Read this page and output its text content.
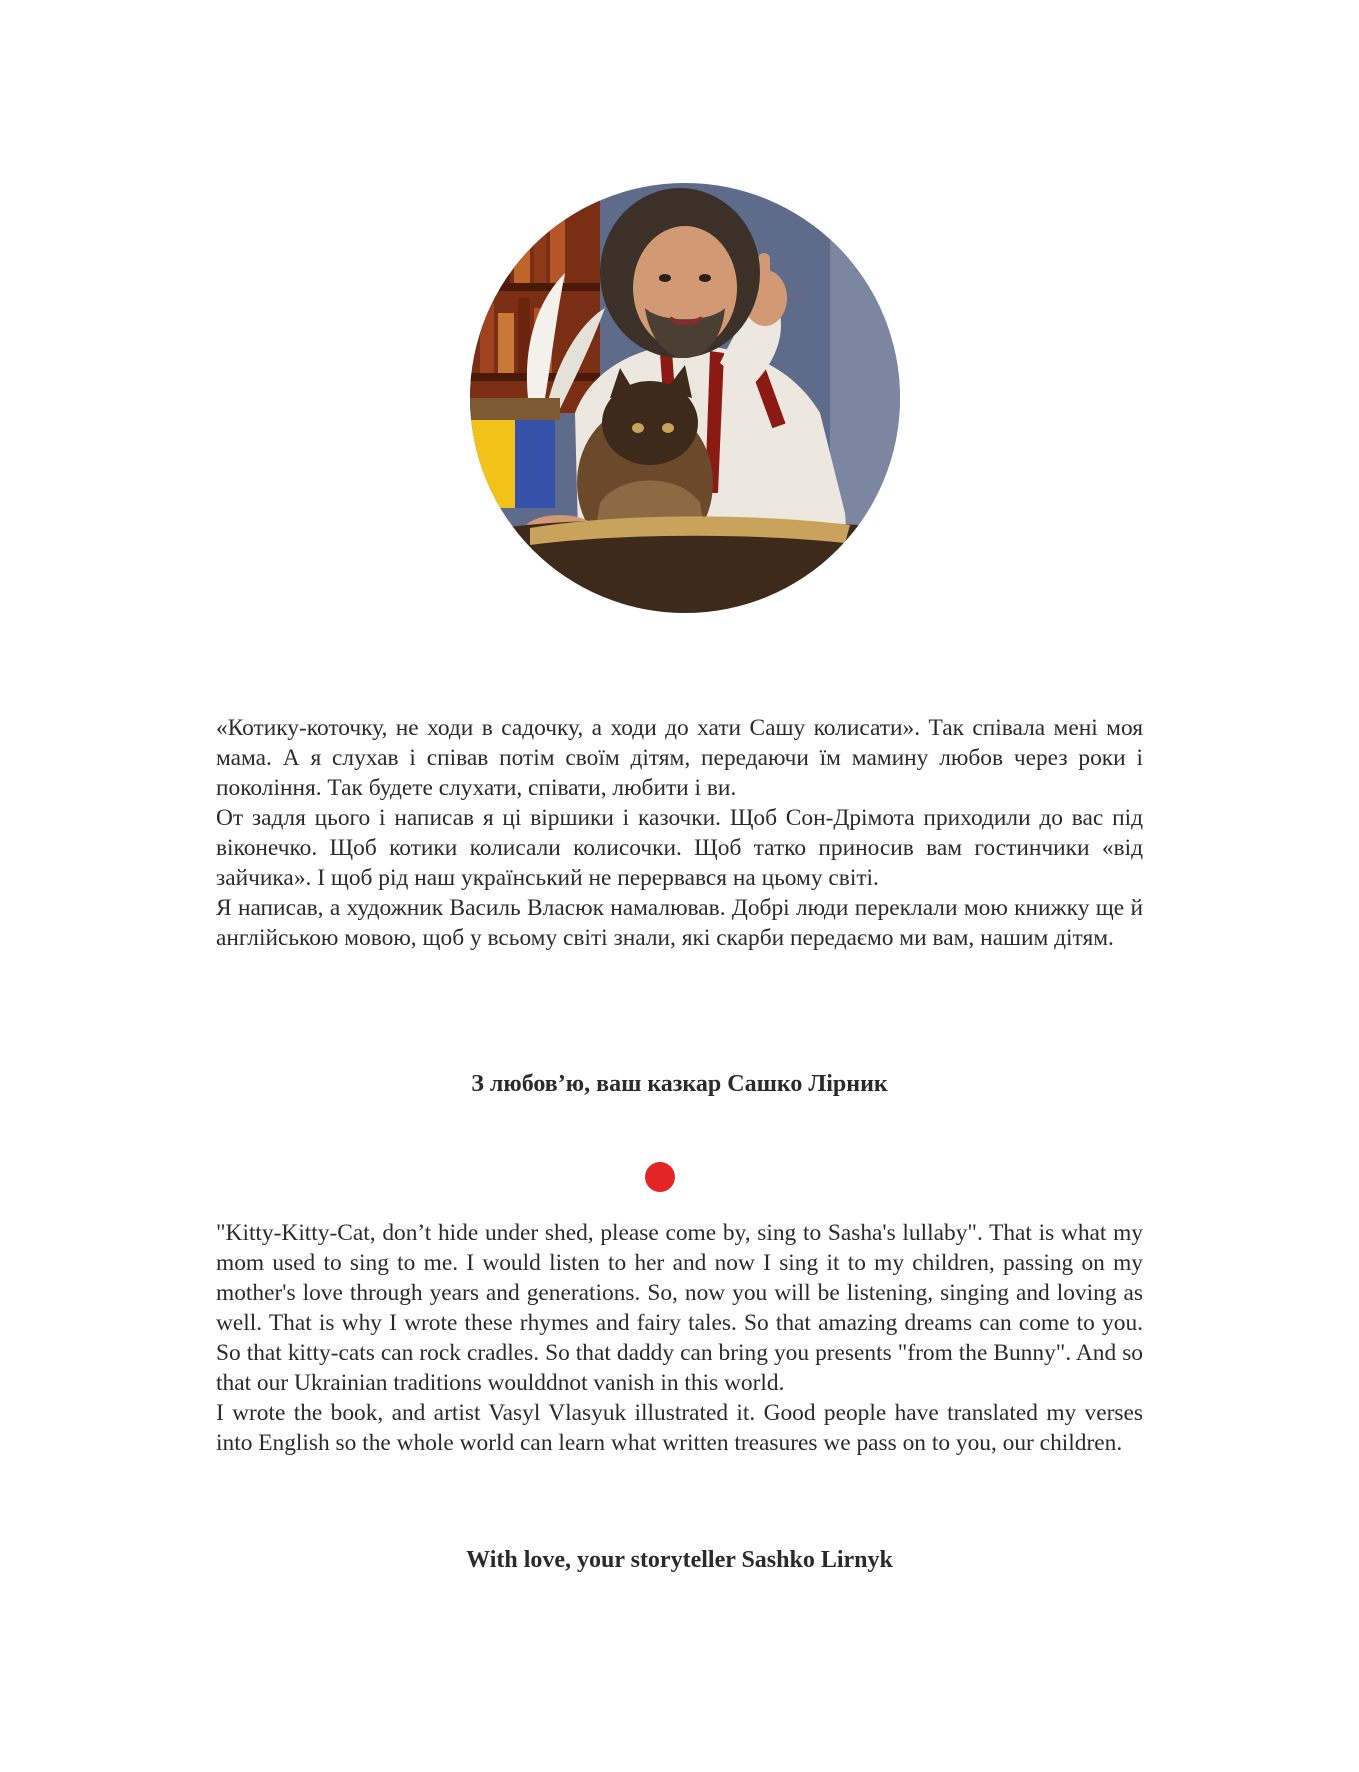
«Котику-коточку, не ходи в садочку, а ходи до хати Сашу колисати». Так співала мені моя мама. А я слухав і співав потім своїм дітям, передаючи їм мамину любов через роки і покоління. Так будете слухати, співати, любити і ви.

От задля цього і написав я ці віршики і казочки. Щоб Сон-Дрімота приходили до вас під віконечко. Щоб котики колисали колисочки. Щоб татко приносив вам гостинчики «від зайчика». І щоб рід наш український не перервався на цьому світі.

Я написав, а художник Василь Власюк намалював. Добрі люди переклали мою книжку ще й англійською мовою, щоб у всьому світі знали, які скарби передаємо ми вам, нашим дітям.

З любов’ю, ваш казкар Сашко Лірник

"Kitty-Kitty-Cat, don’t hide under shed, please come by, sing to Sasha's lullaby". That is what my mom used to sing to me. I would listen to her and now I sing it to my children, passing on my mother's love through years and generations. So, now you will be listening, singing and loving as well. That is why I wrote these rhymes and fairy tales. So that amazing dreams can come to you. So that kitty-cats can rock cradles. So that daddy can bring you presents "from the Bunny". And so that our Ukrainian traditions woulddnot vanish in this world.

I wrote the book, and artist Vasyl Vlasyuk illustrated it. Good people have translated my verses into English so the whole world can learn what written treasures we pass on to you, our children.

With love, your storyteller Sashko Lirnyk
